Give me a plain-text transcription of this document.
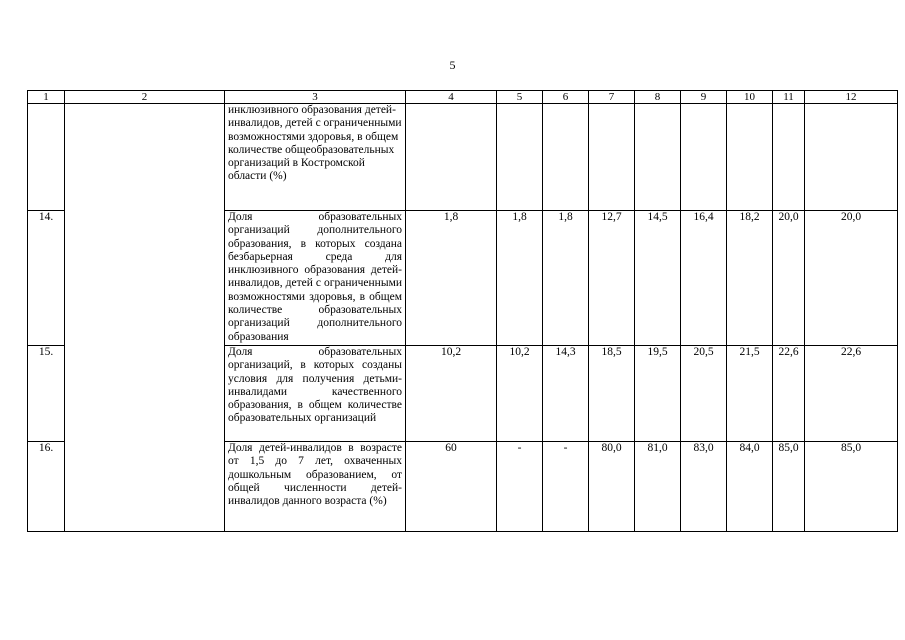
5
1	2	3	4	5	6	7	8	9	10	11	12
		инклюзивного образования детей-инвалидов, детей с ограниченными возможностями здоровья, в общем количестве общеобразовательных организаций в Костромской области (%)									
14.		Доля образовательных организаций дополнительного образования, в которых создана безбарьерная среда для инклюзивного образования детей-инвалидов, детей с ограниченными возможностями здоровья, в общем количестве образовательных организаций дополнительного образования	1,8	1,8	1,8	12,7	14,5	16,4	18,2	20,0	20,0
15.		Доля образовательных организаций, в которых созданы условия для получения детьми-инвалидами качественного образования, в общем количестве образовательных организаций	10,2	10,2	14,3	18,5	19,5	20,5	21,5	22,6	22,6
16.		Доля детей-инвалидов в возрасте от 1,5 до 7 лет, охваченных дошкольным образованием, от общей численности детей-инвалидов данного возраста (%)	60	-	-	80,0	81,0	83,0	84,0	85,0	85,0
